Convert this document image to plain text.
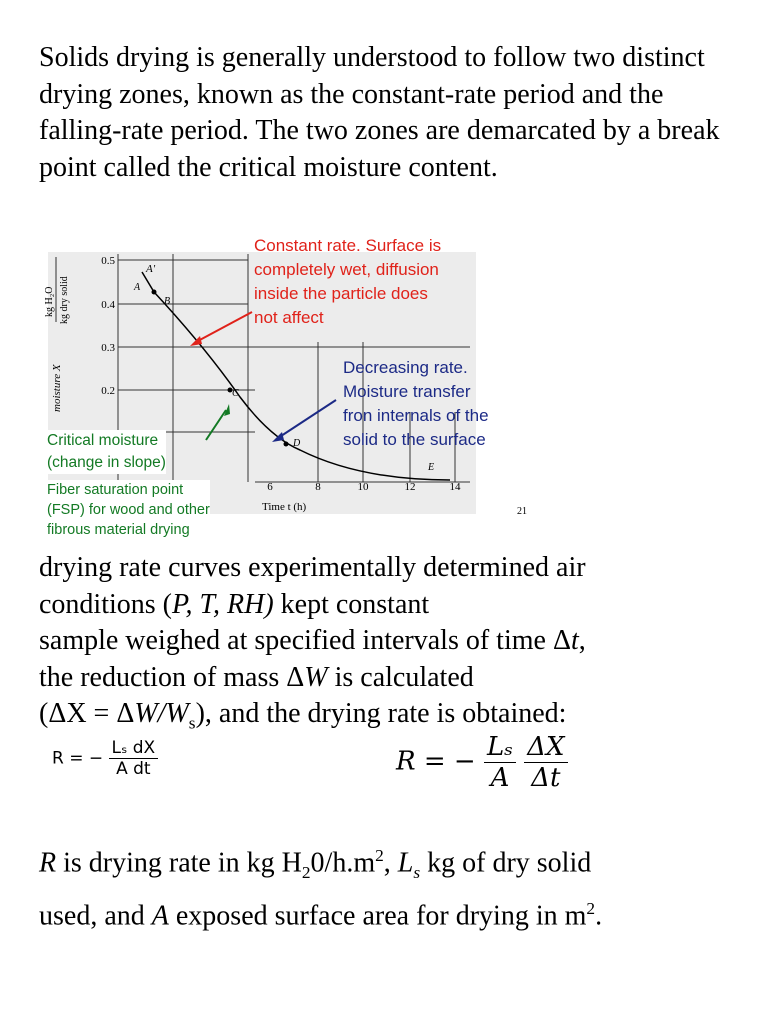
Solids drying is generally understood to follow two distinct drying zones, known as the constant-rate period and the falling-rate period. The two zones are demarcated by a break point called the critical moisture content.
0.5
0.4
0.3
0.2
A'
A
B
C
D
E
6	8	10	12	14
Time t (h)
moisture X
kg H₂O kg dry solid
Constant rate. Surface is
completely wet, diffusion
inside the particle does
not affect
Decreasing rate.
Moisture transfer
fron internals of the
solid to the surface
Critical moisture
(change in slope)
Fiber saturation point
(FSP) for wood and other
fibrous material drying
21
drying rate curves experimentally determined air
conditions (P, T, RH) kept constant
sample weighed at specified intervals of time Δt,
the reduction of mass ΔW is calculated
$(\Delta X = \Delta W/W_s)$, and the drying rate is obtained:
R = − $\frac{\text{Lₛ dX}}{\text{A dt}}$	R = − $\frac{\text{Lₛ}}{A}$
$\frac{\Delta X}{\Delta t}$
R is drying rate in kg $H_20/h.m^2$, $L_s$ kg of dry solid
used, and A exposed surface area for drying in $m^2$.
